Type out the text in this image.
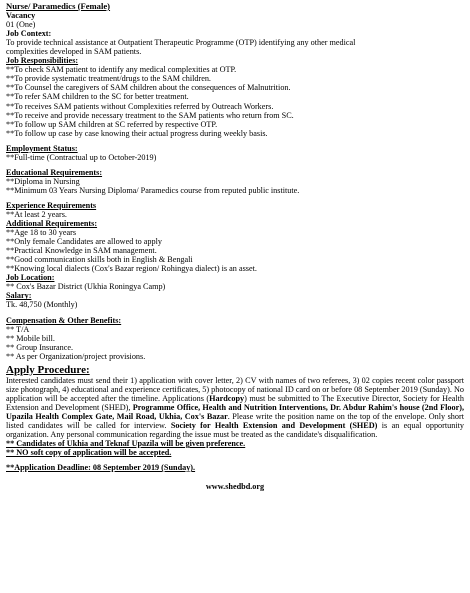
Nurse/ Paramedics (Female)
Vacancy
01 (One)
Job Context:
To provide technical assistance at Outpatient Therapeutic Programme (OTP) identifying any other medical
complexities developed in SAM patients.
Job Responsibilities:
**To check SAM patient to identify any medical complexities at OTP.
**To provide systematic treatment/drugs to the SAM children.
**To Counsel the caregivers of SAM children about the consequences of Malnutrition.
**To refer SAM children to the SC for better treatment.
**To receives SAM patients without Complexities referred by Outreach Workers.
**To receive and provide necessary treatment to the SAM patients who return from SC.
**To follow up SAM children at SC referred by respective OTP.
**To follow up case by case knowing their actual progress during weekly basis.
Employment Status:
**Full-time (Contractual up to October-2019)
Educational Requirements:
**Diploma in Nursing
**Minimum 03 Years Nursing Diploma/ Paramedics course from reputed public institute.
Experience Requirements
**At least 2 years.
Additional Requirements:
**Age 18 to 30 years
**Only female Candidates are allowed to apply
**Practical Knowledge in SAM management.
**Good communication skills both in English & Bengali
**Knowing local dialects (Cox's Bazar region/ Rohingya dialect) is an asset.
Job Location:
** Cox's Bazar District (Ukhia Roningya Camp)
Salary:
Tk. 48,750 (Monthly)
Compensation & Other Benefits:
** T/A
** Mobile bill.
** Group Insurance.
** As per Organization/project provisions.
Apply Procedure:
Interested candidates must send their 1) application with cover letter, 2) CV with names of two referees, 3) 02 copies recent color passport size photograph, 4) educational and experience certificates, 5) photocopy of national ID card on or before 08 September 2019 (Sunday). No application will be accepted after the timeline. Applications (Hardcopy) must be submitted to The Executive Director, Society for Health Extension and Development (SHED), Programme Office, Health and Nutrition Interventions, Dr. Abdur Rahim's house (2nd Floor), Upazila Health Complex Gate, Mail Road, Ukhia, Cox's Bazar. Please write the position name on the top of the envelope. Only short listed candidates will be called for interview. Society for Health Extension and Development (SHED) is an equal opportunity organization. Any personal communication regarding the issue must be treated as the candidate's disqualification.
** Candidates of Ukhia and Teknaf Upazila will be given preference.
** NO soft copy of application will be accepted.
**Application Deadline: 08 September 2019 (Sunday).
www.shedbd.org
